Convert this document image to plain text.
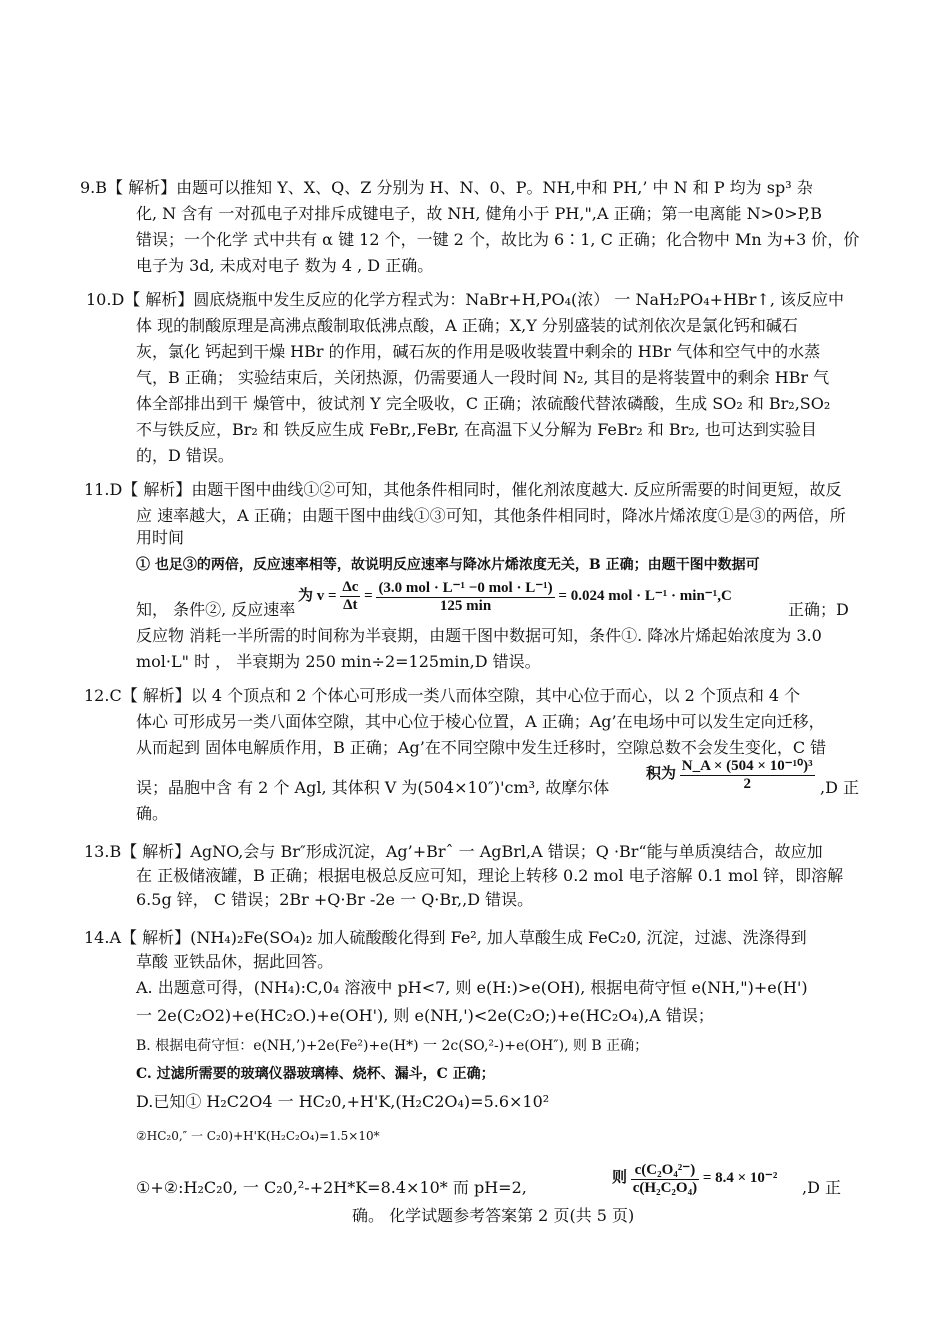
9.B【 解析】由题可以推知 Y、X、Q、Z 分别为 H、N、0、P。NH,中和 PH,’ 中 N 和 P 均为 sp³ 杂
化, N 含有 一对孤电子对排斥成键电子，故 NH, 健角小于 PH,",A 正确；第一电离能 N>0>P,B
错误；一个化学 式中共有 α 键 12 个，一键 2 个，故比为 6∶1, C 正确；化合物中 Mn 为+3 价，价
电子为 3d, 未成对电子 数为 4 , D 正确。
10.D【 解析】圆底烧瓶中发生反应的化学方程式为：NaBr+H,PO₄(浓） 一 NaH₂PO₄+HBr↑, 该反应中
体 现的制酸原理是高沸点酸制取低沸点酸，A 正确；X,Y 分别盛装的试剂依次是氯化钙和碱石
灰，氯化 钙起到干燥 HBr 的作用，碱石灰的作用是吸收装置中剩余的 HBr 气体和空气中的水蒸
气，B 正确； 实验结束后，关闭热源，仍需要通人一段时间 N₂, 其目的是将装置中的剩余 HBr 气
体全部排出到干 燥管中，彼试剂 Y 完全吸收，C 正确；浓硫酸代替浓磷酸，生成 SO₂ 和 Br₂,SO₂
不与铁反应，Br₂ 和 铁反应生成 FeBr,,FeBr, 在高温下乂分解为 FeBr₂ 和 Br₂, 也可达到实验目
的，D 错误。
11.D【 解析】由题干图中曲线①②可知，其他条件相同时，催化剂浓度越大. 反应所需要的时间更短，故反
应 速率越大，A 正确；由题干图中曲线①③可知，其他条件相同时，降冰片烯浓度①是③的两倍，所
用时间
① 也足③的两倍，反应速率相等，故说明反应速率与降冰片烯浓度无关，B 正确；由题干图中数据可
知， 条件②, 反应速率
为 $v = \frac{\Delta c}{\Delta t} = \frac{\text{(3.0 mol · L⁻¹ −0 mol · L⁻¹)}}{125 \min} = 0.024$ mol · L⁻¹ · min⁻¹,C
正确；D
反应物 消耗一半所需的时间称为半衰期，由题干图中数据可知，条件①. 降冰片烯起始浓度为 3.0
mol·L" 时 ， 半衰期为 250 min÷2=125min,D 错误。
12.C【 解析】以 4 个顶点和 2 个体心可形成一类八而体空隙，其中心位于而心，以 2 个顶点和 4 个
体心 可形成另一类八面体空隙，其中心位于棱心位置，A 正确；Ag’在电场中可以发生定向迁移，
从而起到 固体电解质作用，B 正确；Ag’在不同空隙中发生迁移时，空隙总数不会发生变化，C 错
误；晶胞中含 有 2 个 Agl, 其体积 V 为(504×10″)'cm³, 故摩尔体
积为 $\frac{\text{N\_A × (504 × 10⁻¹⁰)³}}{2} ,D$ 正
确。
13.B【 解析】AgNO,会与 Br″形成沉淀，Ag’+Brˆ 一 AgBrl,A 错误；Q ·Br“能与单质溴结合，故应加
在 正极储液罐，B 正确；根据电极总反应可知，理论上转移 0.2 mol 电子溶解 0.1 mol 锌，即溶解
6.5g 锌， C 错误；2Br +Q·Br -2e 一 Q·Br,,D 错误。
14.A【 解析】(NH₄)₂Fe(SO₄)₂ 加人硫酸酸化得到 Fe², 加人草酸生成 FeC₂0, 沉淀，过滤、洗涤得到
草酸 亚铁品休，据此回答。
A. 出题意可得，(NH₄):C,0₄ 溶液中 pH<7, 则 e(H:)>e(OH), 根据电荷守恒 e(NH,")+e(H')
一 2e(C₂O2)+e(HC₂O.)+e(OH'), 则 e(NH,')<2e(C₂O;)+e(HC₂O₄),A 错误；
B. 根据电荷守恒：e(NH,’)+2e(Fe²)+e(H*) 一 2c(SO,²-)+e(OH″), 则 B 正确；
C. 过滤所需要的玻璃仪器玻璃棒、烧杯、漏斗，C 正确；
D.已知① H₂C2O4 一 HC₂0,+H'K,(H₂C2O₄)=5.6×10²
②HC₂0,″ 一 C₂0)+H'K(H₂C₂O₄)=1.5×10*
①+②:H₂C₂0, 一 C₂0,²-+2H*K=8.4×10* 而 pH=2,
则 $\frac{\text{c(C₂O₄²⁻)}}{\text{c(H₂C₂O₄)}} = 8.4 \times 10^{-2}$
,D 正
确。 化学试题参考答案第 2 页(共 5 页)
